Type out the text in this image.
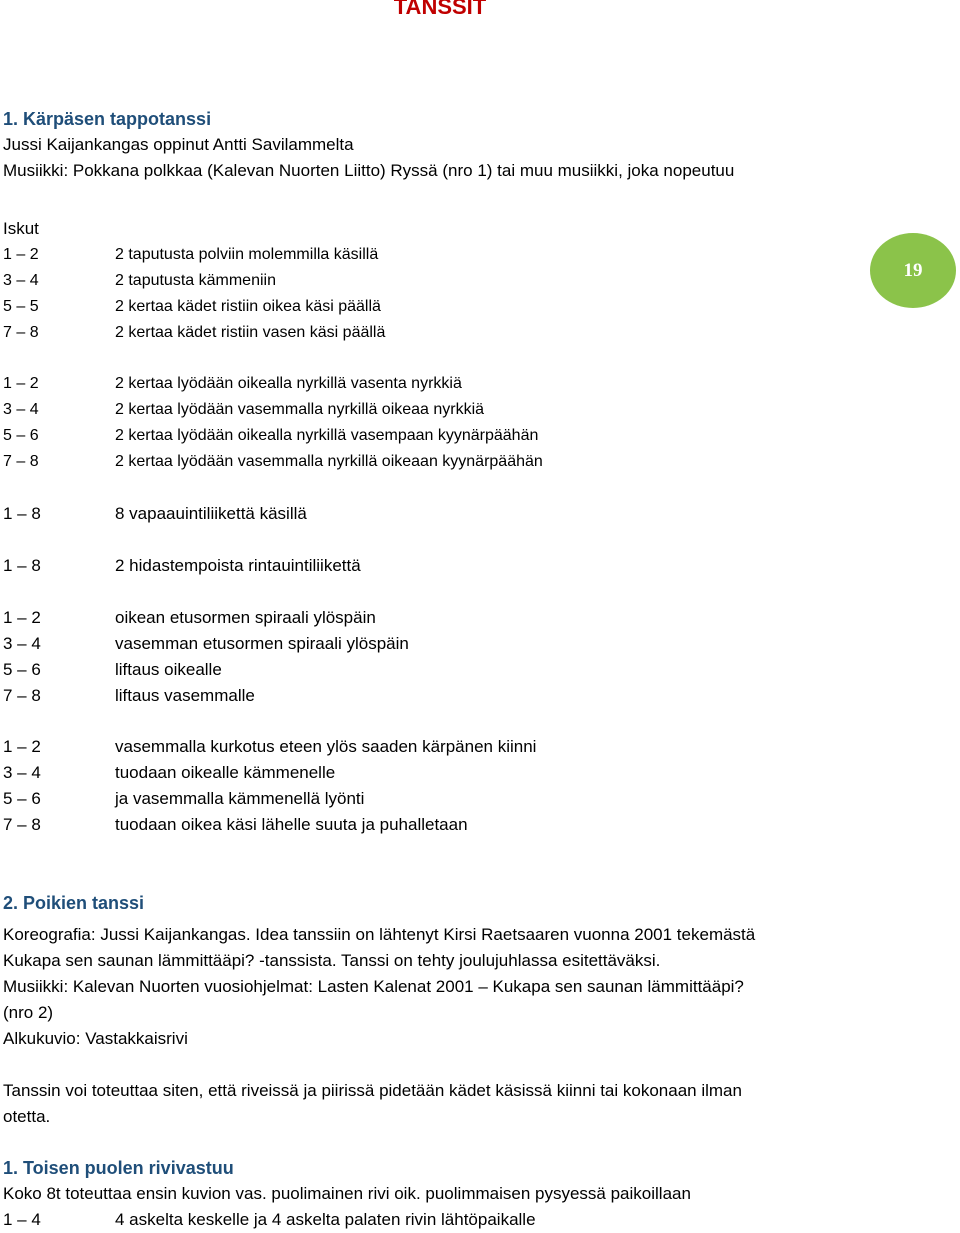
TANSSIT
19
1. Kärpäsen tappotanssi
Jussi Kaijankangas oppinut Antti Savilammelta
Musiikki: Pokkana polkkaa (Kalevan Nuorten Liitto) Ryssä (nro 1) tai muu musiikki, joka nopeutuu
Iskut
1 – 2	2 taputusta polviin molemmilla käsillä
3 – 4	2 taputusta kämmeniin
5 – 5	2 kertaa kädet ristiin oikea käsi päällä
7 – 8	2 kertaa kädet ristiin vasen käsi päällä
1 – 2	2 kertaa lyödään oikealla nyrkillä vasenta nyrkkiä
3 – 4	2 kertaa lyödään vasemmalla nyrkillä oikeaa nyrkkiä
5 – 6	2 kertaa lyödään oikealla nyrkillä vasempaan kyynärpäähän
7 – 8	2 kertaa lyödään vasemmalla nyrkillä oikeaan kyynärpäähän
1 – 8	8 vapaauintiliikettä käsillä
1 – 8	2 hidastempoista rintauintiliikettä
1 – 2	oikean etusormen spiraali ylöspäin
3 – 4	vasemman etusormen spiraali ylöspäin
5 – 6	liftaus oikealle
7 – 8	liftaus vasemmalle
1 – 2	vasemmalla kurkotus eteen ylös saaden kärpänen kiinni
3 – 4	tuodaan oikealle kämmenelle
5 – 6	ja vasemmalla kämmenellä lyönti
7 – 8	tuodaan oikea käsi lähelle suuta ja puhalletaan
2. Poikien tanssi
Koreografia: Jussi Kaijankangas. Idea tanssiin on lähtenyt Kirsi Raetsaaren vuonna 2001 tekemästä
Kukapa sen saunan lämmittääpi? -tanssista. Tanssi on tehty joulujuhlassa esitettäväksi.
Musiikki: Kalevan Nuorten vuosiohjelmat: Lasten Kalenat 2001 – Kukapa sen saunan lämmittääpi?
(nro 2)
Alkukuvio: Vastakkaisrivi
Tanssin voi toteuttaa siten, että riveissä ja piirissä pidetään kädet käsissä kiinni tai kokonaan ilman
otetta.
1. Toisen puolen rivivastuu
Koko 8t toteuttaa ensin kuvion vas. puolimainen rivi oik. puolimmaisen pysyessä paikoillaan
1 – 4	4 askelta keskelle ja 4 askelta palaten rivin lähtöpaikalle
